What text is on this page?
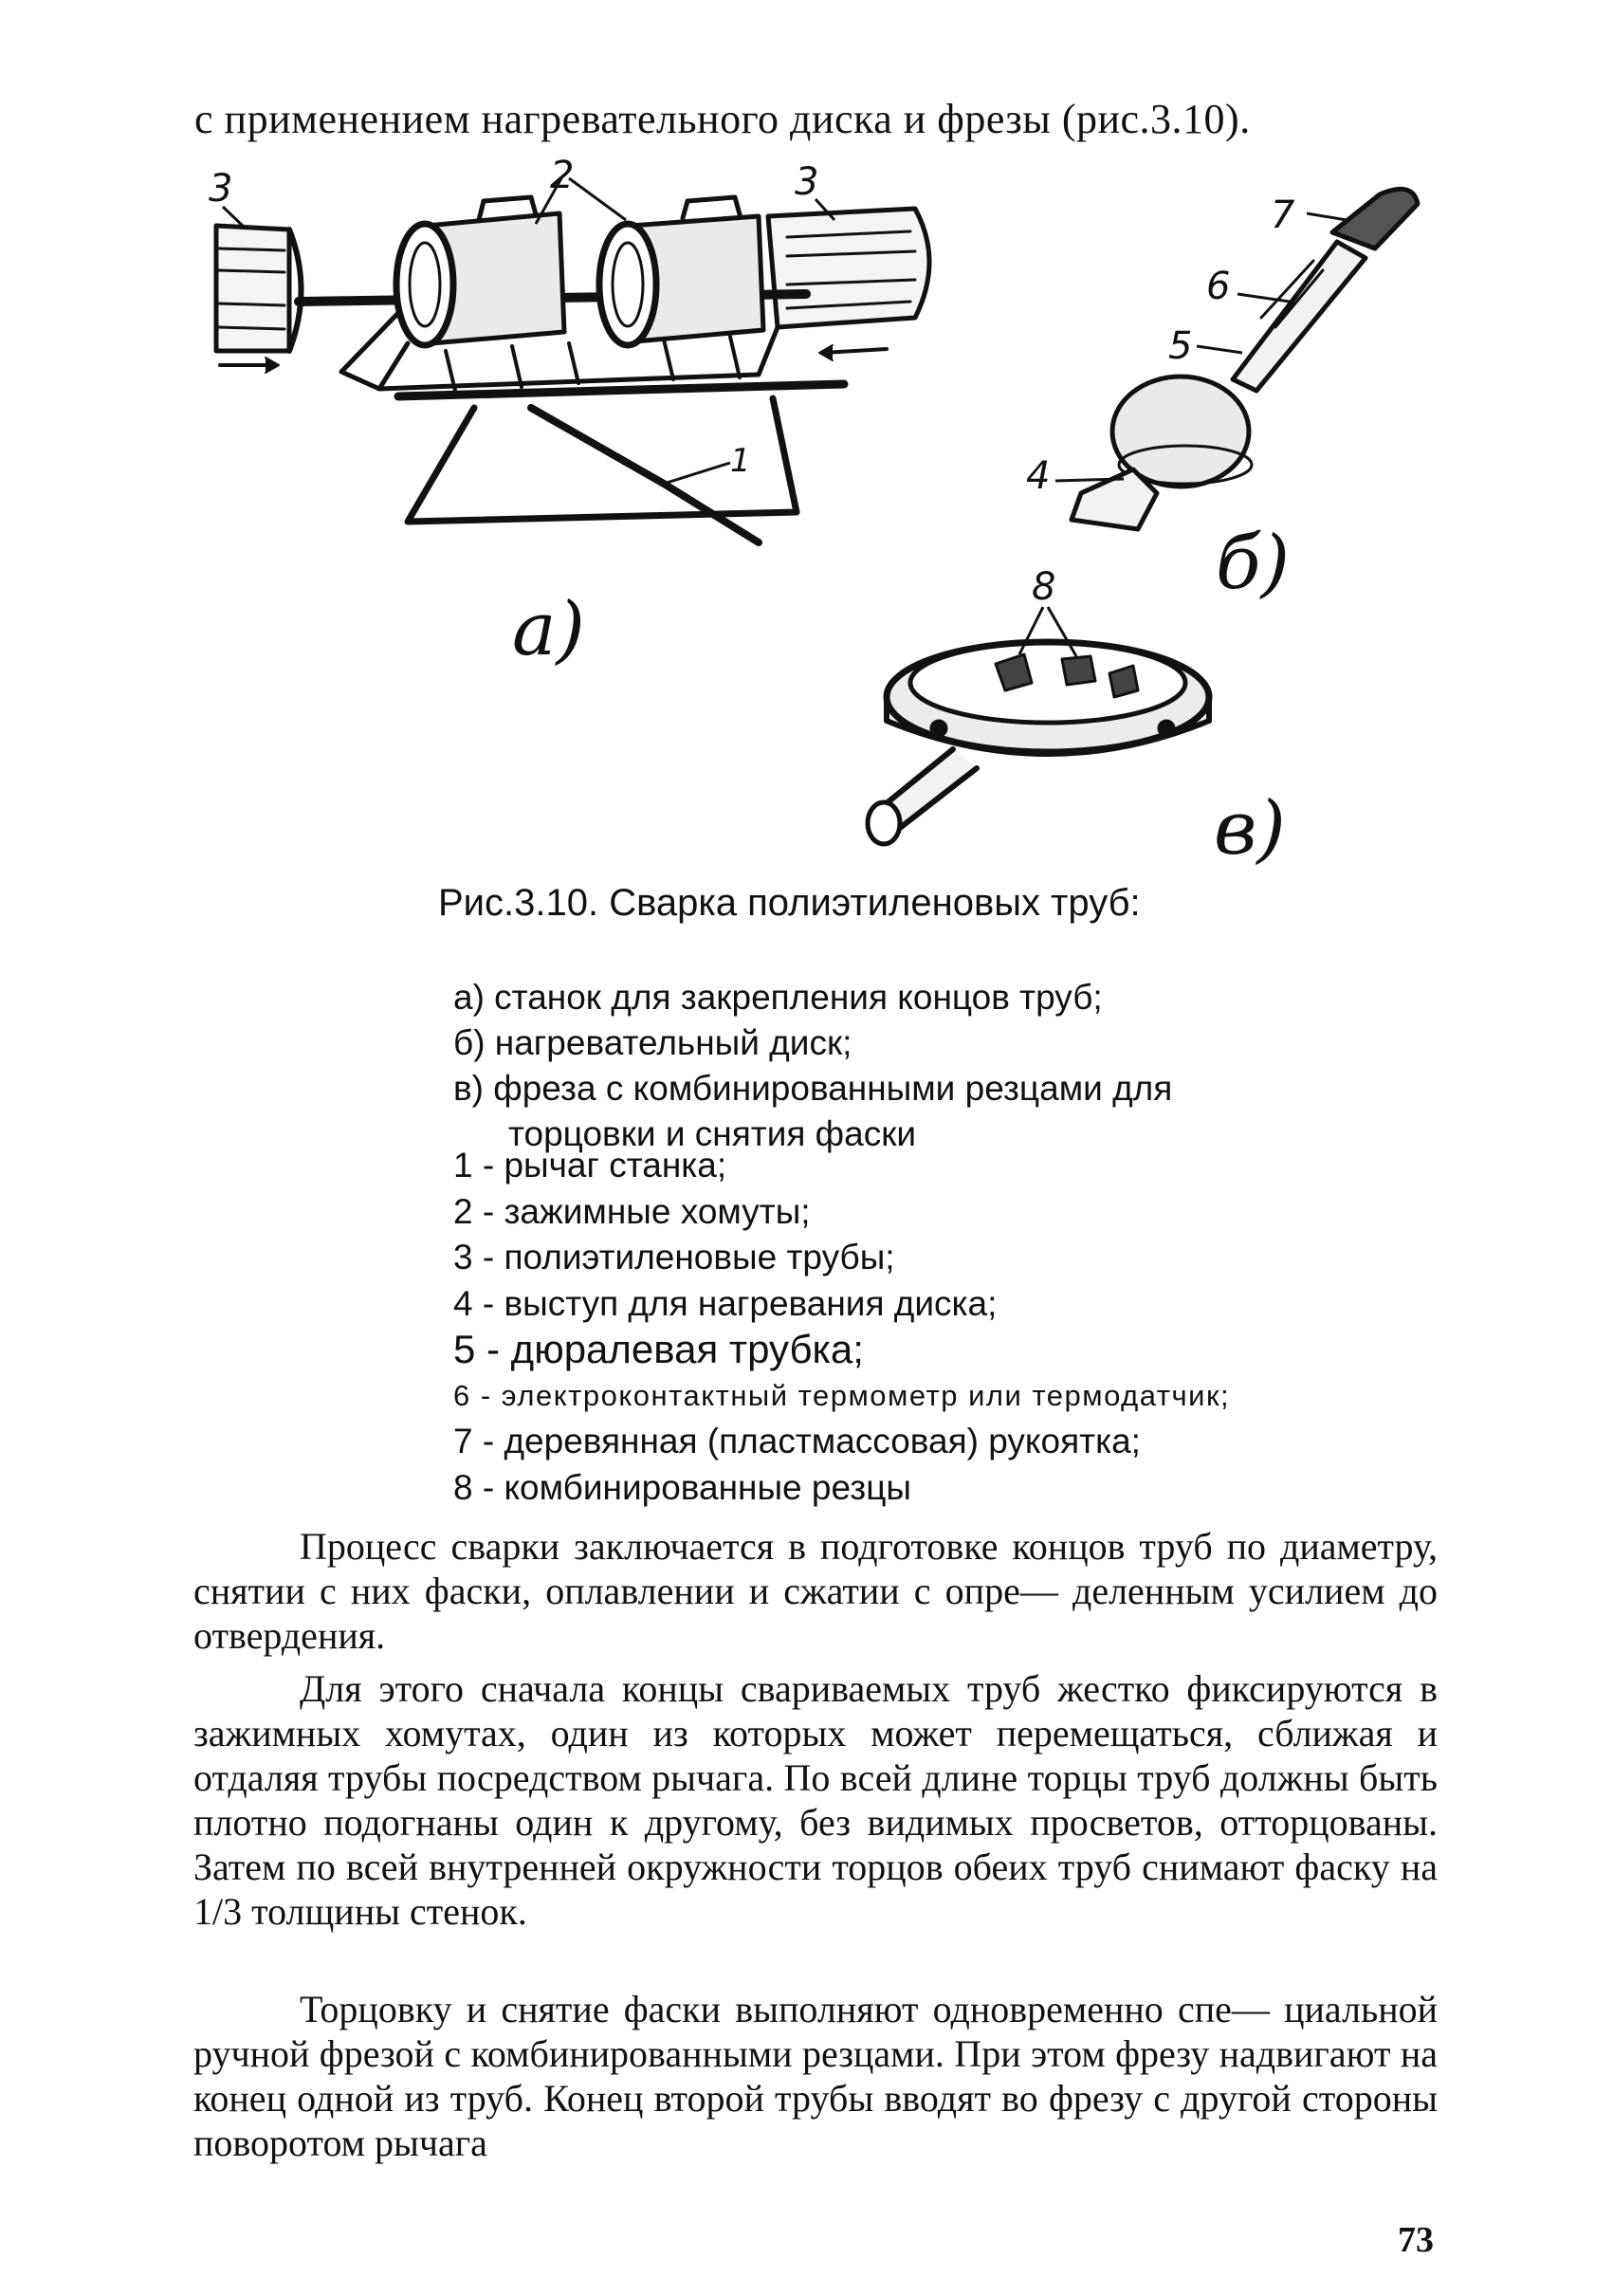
с применением нагревательного диска и фрезы (рис.3.10).

3	2	3
1
а)
7
6
5
4
б)
8
в)

Рис.3.10. Сварка полиэтиленовых труб:

а) станок для закрепления концов труб;
б) нагревательный диск;
в) фреза с комбинированными резцами для
торцовки и снятия фаски
1 - рычаг станка;
2 - зажимные хомуты;
3 - полиэтиленовые трубы;
4 - выступ для нагревания диска;
5 - дюралевая трубка;
6 - электроконтактный термометр или термодатчик;
7 - деревянная (пластмассовая) рукоятка;
8 - комбинированные резцы

Процесс сварки заключается в подготовке концов труб по диаметру, снятии с них фаски, оплавлении и сжатии с опре— деленным усилием до отвердения.

Для этого сначала концы свариваемых труб жестко фиксируются в зажимных хомутах, один из которых может перемещаться, сближая и отдаляя трубы посредством рычага. По всей длине торцы труб должны быть плотно подогнаны один к другому, без видимых просветов, отторцованы. Затем по всей внутренней окружности торцов обеих труб снимают фаску на 1/3 толщины стенок.

Торцовку и снятие фаски выполняют одновременно спе— циальной ручной фрезой с комбинированными резцами. При этом фрезу надвигают на конец одной из труб. Конец второй трубы вводят во фрезу с другой стороны поворотом рычага

73
